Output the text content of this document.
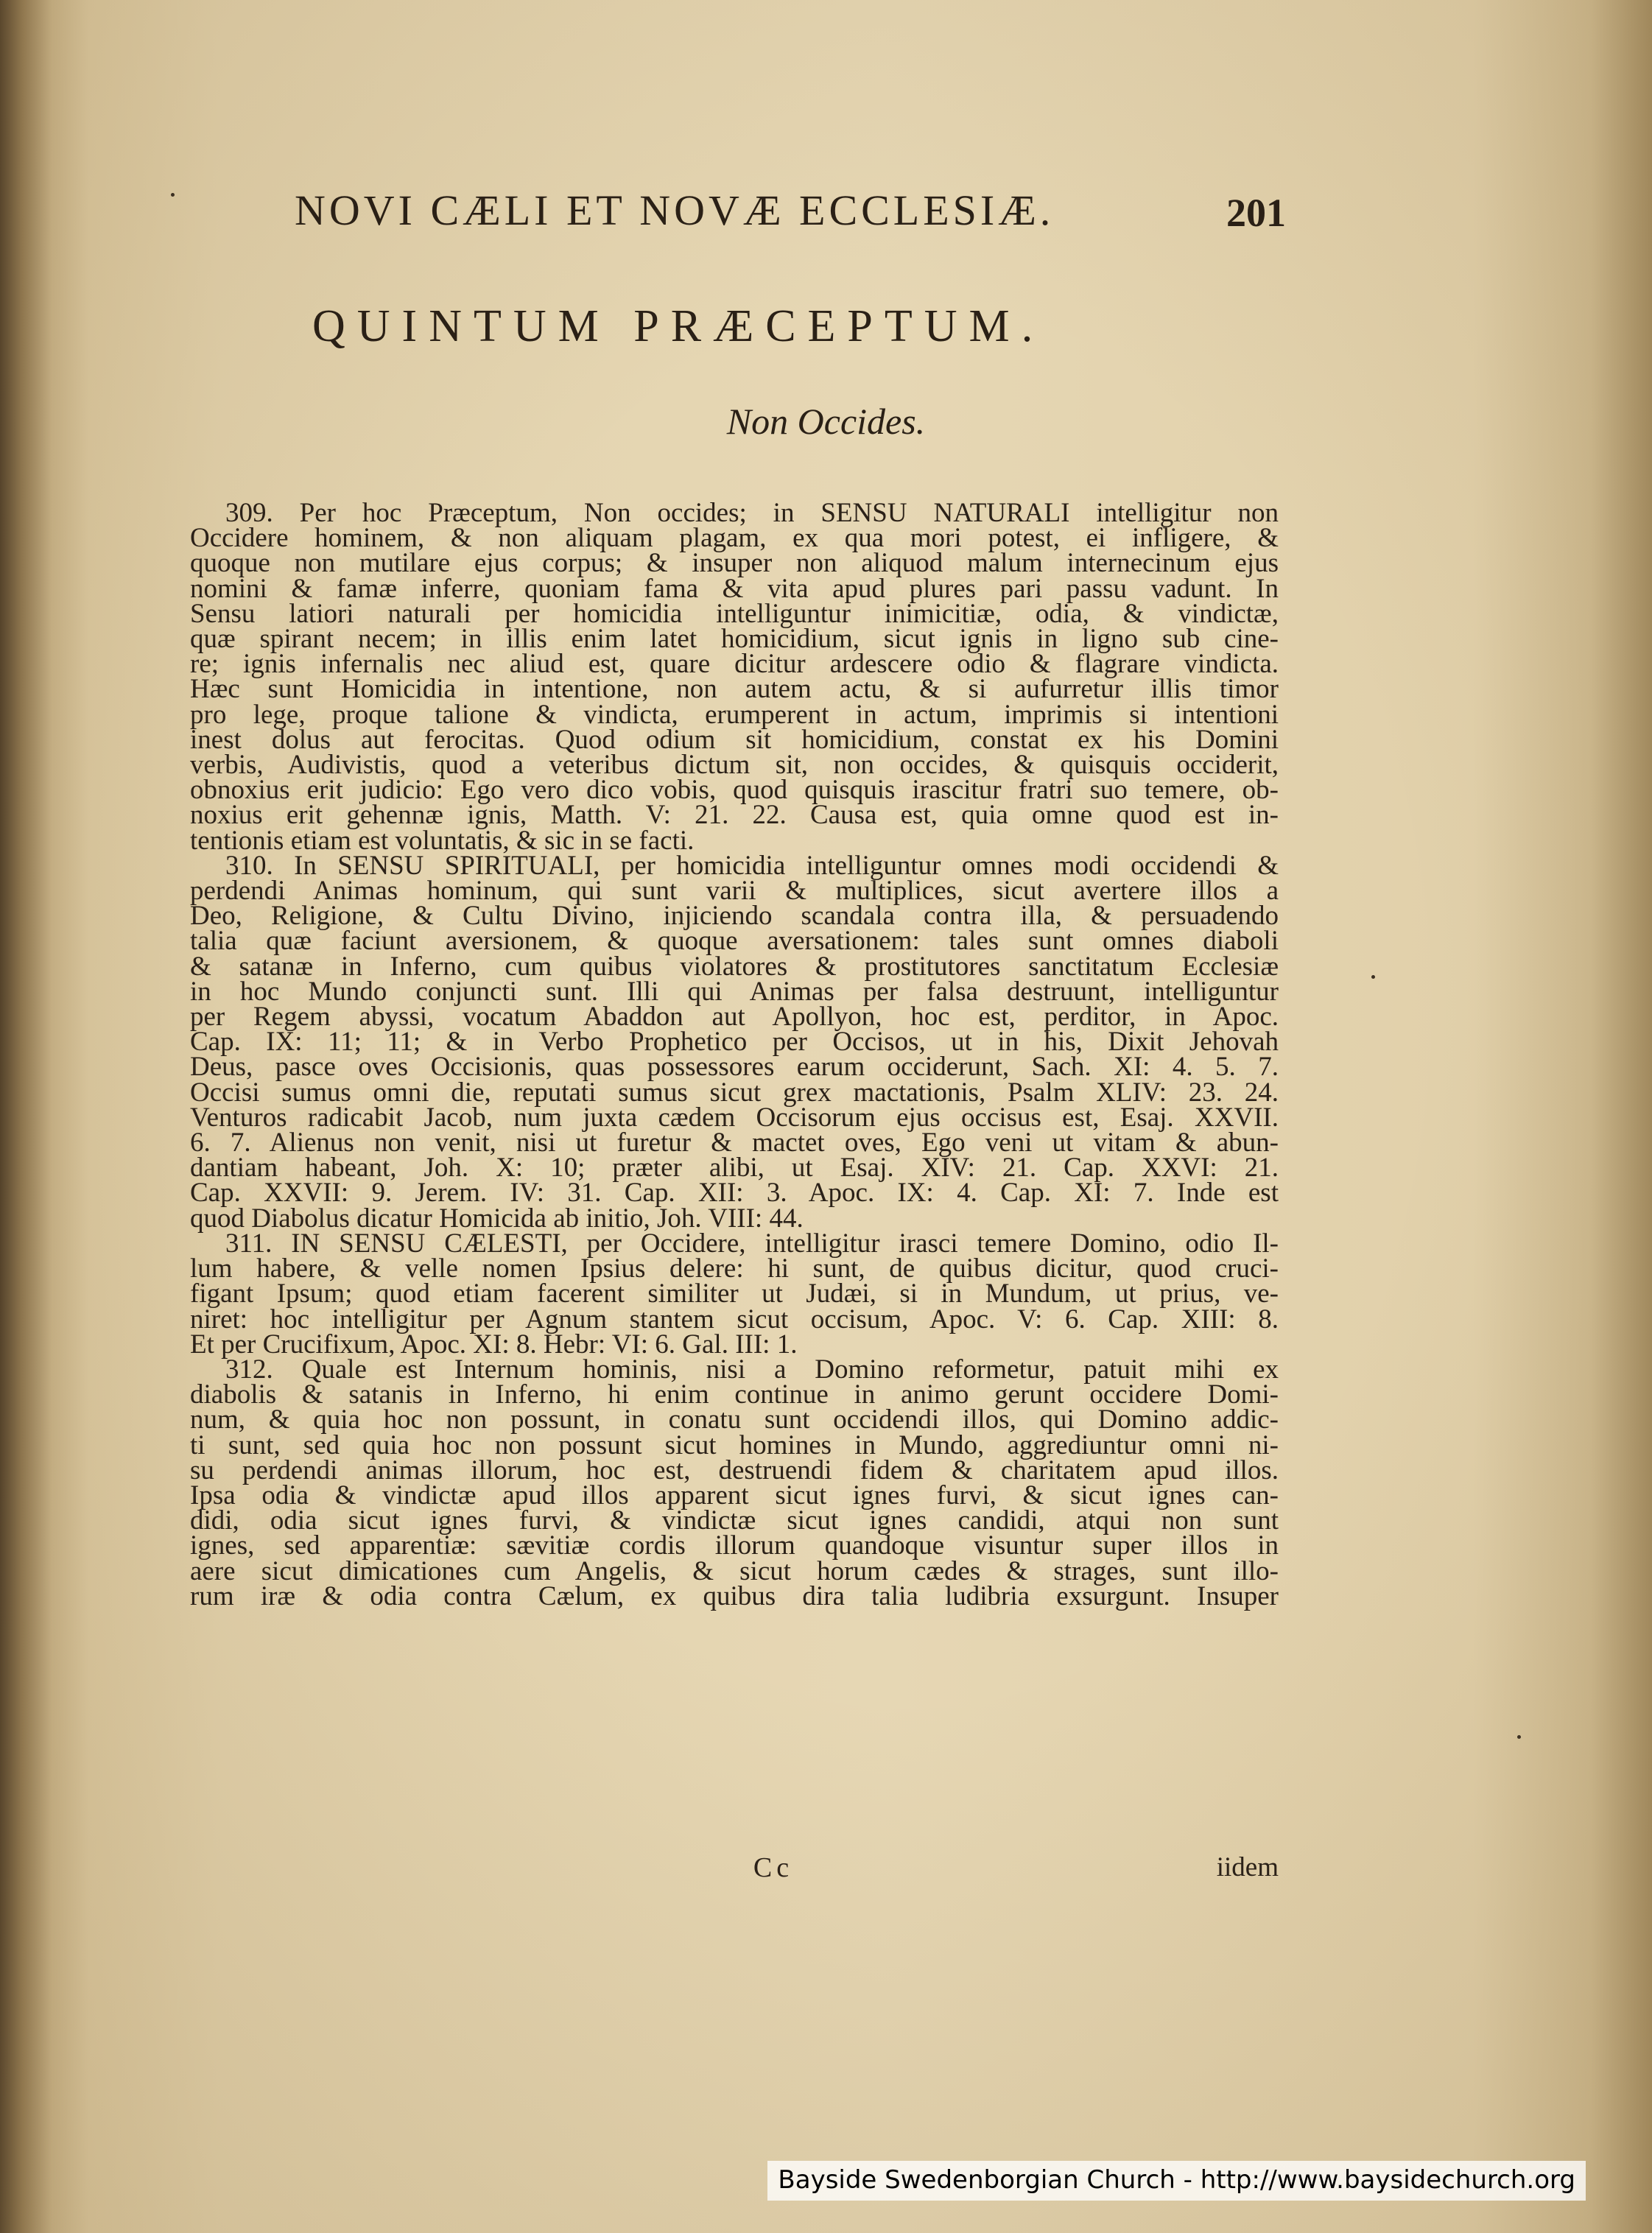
NOVI CÆLI ET NOVÆ ECCLESIÆ.	201
QUINTUM PRÆCEPTUM.
Non Occides.
309. Per hoc Præceptum, Non occides; in SENSU NATURALI intelligitur non
Occidere hominem, & non aliquam plagam, ex qua mori potest, ei infligere, &
quoque non mutilare ejus corpus; & insuper non aliquod malum internecinum ejus
nomini & famæ inferre, quoniam fama & vita apud plures pari passu vadunt. In
Sensu latiori naturali per homicidia intelliguntur inimicitiæ, odia, & vindictæ,
quæ spirant necem; in illis enim latet homicidium, sicut ignis in ligno sub cine-
re; ignis infernalis nec aliud est, quare dicitur ardescere odio & flagrare vindicta.
Hæc sunt Homicidia in intentione, non autem actu, & si aufurretur illis timor
pro lege, proque talione & vindicta, erumperent in actum, imprimis si intentioni
inest dolus aut ferocitas. Quod odium sit homicidium, constat ex his Domini
verbis, Audivistis, quod a veteribus dictum sit, non occides, & quisquis occiderit,
obnoxius erit judicio: Ego vero dico vobis, quod quisquis irascitur fratri suo temere, ob-
noxius erit gehennæ ignis, Matth. V: 21. 22. Causa est, quia omne quod est in-
tentionis etiam est voluntatis, & sic in se facti.
310. In SENSU SPIRITUALI, per homicidia intelliguntur omnes modi occidendi &
perdendi Animas hominum, qui sunt varii & multiplices, sicut avertere illos a
Deo, Religione, & Cultu Divino, injiciendo scandala contra illa, & persuadendo
talia quæ faciunt aversionem, & quoque aversationem: tales sunt omnes diaboli
& satanæ in Inferno, cum quibus violatores & prostitutores sanctitatum Ecclesiæ
in hoc Mundo conjuncti sunt. Illi qui Animas per falsa destruunt, intelliguntur
per Regem abyssi, vocatum Abaddon aut Apollyon, hoc est, perditor, in Apoc.
Cap. IX: 11; 11; & in Verbo Prophetico per Occisos, ut in his, Dixit Jehovah
Deus, pasce oves Occisionis, quas possessores earum occiderunt, Sach. XI: 4. 5. 7.
Occisi sumus omni die, reputati sumus sicut grex mactationis, Psalm XLIV: 23. 24.
Venturos radicabit Jacob, num juxta cædem Occisorum ejus occisus est, Esaj. XXVII.
6. 7. Alienus non venit, nisi ut furetur & mactet oves, Ego veni ut vitam & abun-
dantiam habeant, Joh. X: 10; præter alibi, ut Esaj. XIV: 21. Cap. XXVI: 21.
Cap. XXVII: 9. Jerem. IV: 31. Cap. XII: 3. Apoc. IX: 4. Cap. XI: 7. Inde est
quod Diabolus dicatur Homicida ab initio, Joh. VIII: 44.
311. IN SENSU CÆLESTI, per Occidere, intelligitur irasci temere Domino, odio Il-
lum habere, & velle nomen Ipsius delere: hi sunt, de quibus dicitur, quod cruci-
figant Ipsum; quod etiam facerent similiter ut Judæi, si in Mundum, ut prius, ve-
niret: hoc intelligitur per Agnum stantem sicut occisum, Apoc. V: 6. Cap. XIII: 8.
Et per Crucifixum, Apoc. XI: 8. Hebr: VI: 6. Gal. III: 1.
312. Quale est Internum hominis, nisi a Domino reformetur, patuit mihi ex
diabolis & satanis in Inferno, hi enim continue in animo gerunt occidere Domi-
num, & quia hoc non possunt, in conatu sunt occidendi illos, qui Domino addic-
ti sunt, sed quia hoc non possunt sicut homines in Mundo, aggrediuntur omni ni-
su perdendi animas illorum, hoc est, destruendi fidem & charitatem apud illos.
Ipsa odia & vindictæ apud illos apparent sicut ignes furvi, & sicut ignes can-
didi, odia sicut ignes furvi, & vindictæ sicut ignes candidi, atqui non sunt
ignes, sed apparentiæ: sævitiæ cordis illorum quandoque visuntur super illos in
aere sicut dimicationes cum Angelis, & sicut horum cædes & strages, sunt illo-
rum iræ & odia contra Cælum, ex quibus dira talia ludibria exsurgunt. Insuper
Cc	iidem
Bayside Swedenborgian Church - http://www.baysidechurch.org
